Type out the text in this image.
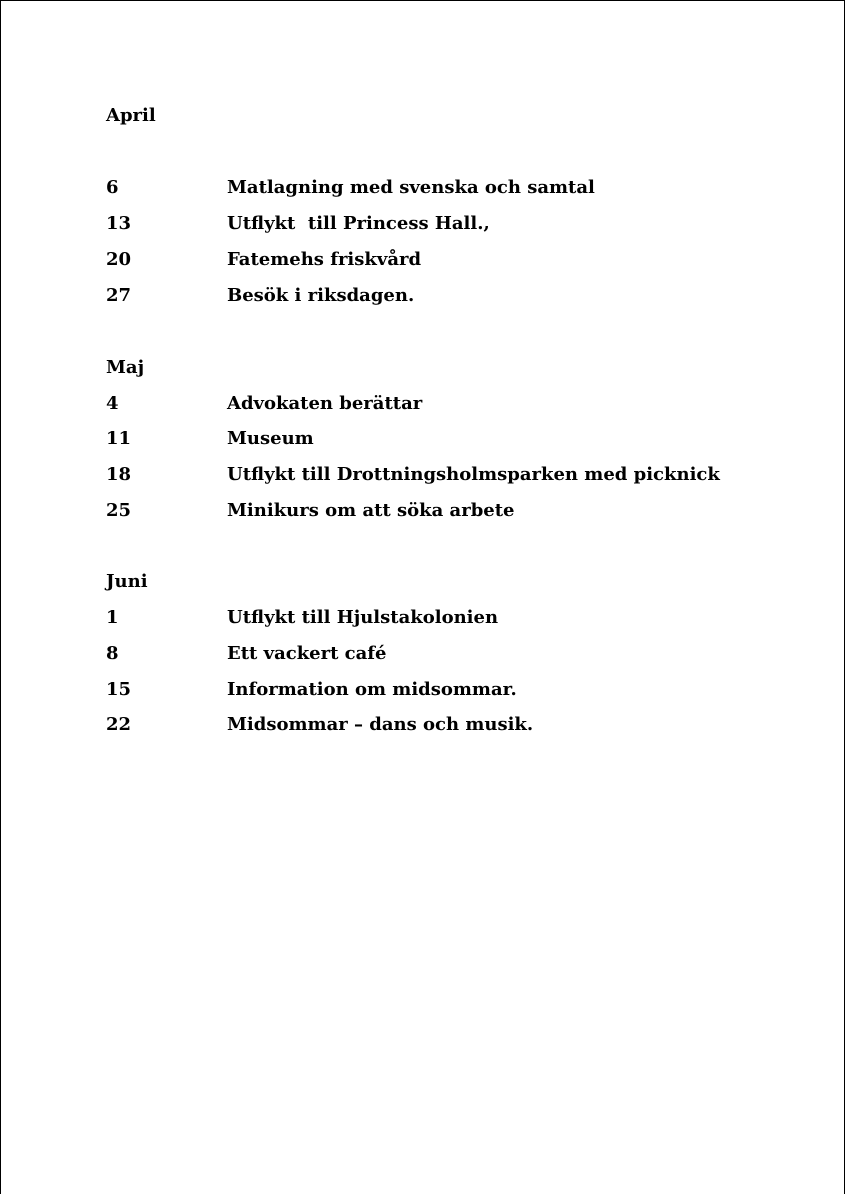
April
6	Matlagning med svenska och samtal
13	Utflykt  till Princess Hall.,
20	Fatemehs friskvård
27	Besök i riksdagen.
Maj
4	Advokaten berättar
11	Museum
18	Utflykt till Drottningsholmsparken med picknick
25	Minikurs om att söka arbete
Juni
1	Utflykt till Hjulstakolonien
8	Ett vackert café
15	Information om midsommar.
22	Midsommar – dans och musik.
